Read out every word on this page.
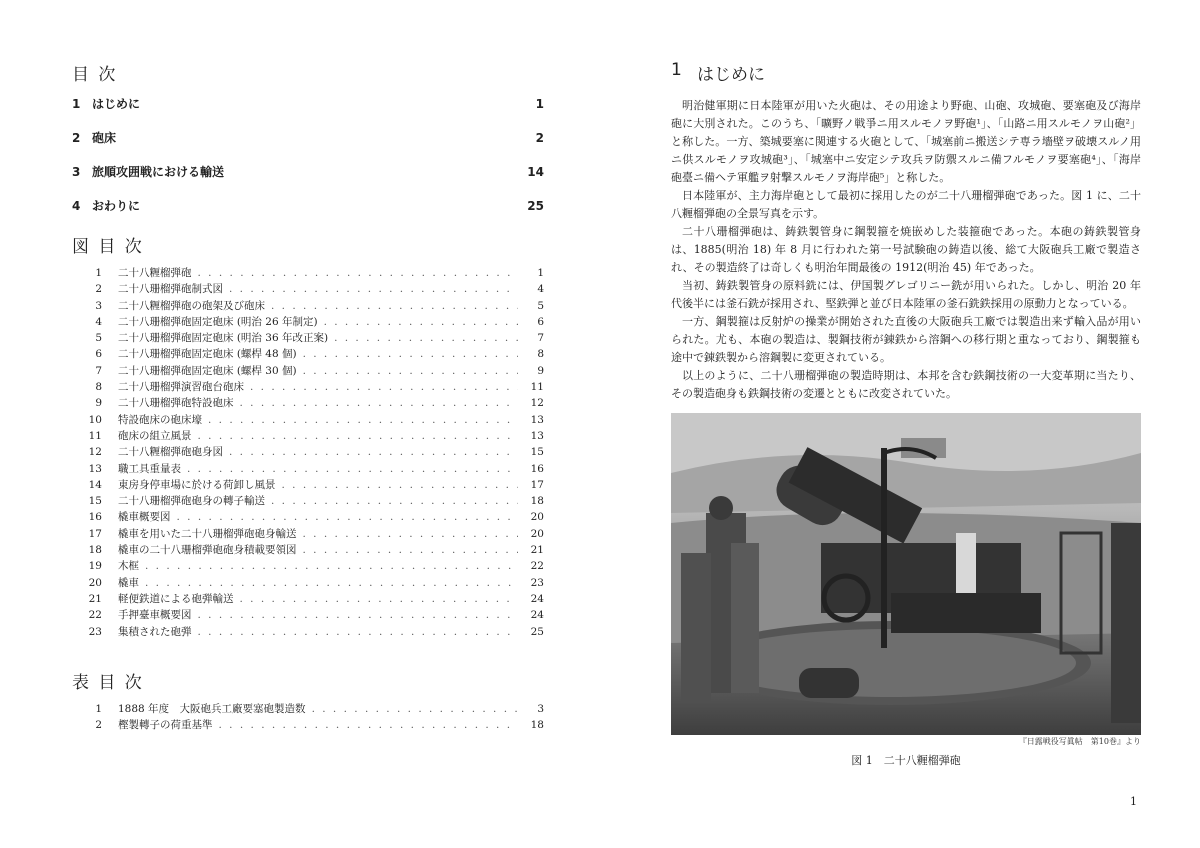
目 次
1 はじめに	1
2 砲床	2
3 旅順攻囲戦における輸送	14
4 おわりに	25
図 目 次
1	二十八糎榴弾砲 . . .	1
2	二十八珊榴弾砲制式図 . . .	4
3	二十八糎榴弾砲の砲架及び砲床 . . .	5
4	二十八珊榴弾砲固定砲床 (明治 26 年制定) . . .	6
5	二十八珊榴弾砲固定砲床 (明治 36 年改正案) . . .	7
6	二十八珊榴弾砲固定砲床 (螺桿 48 個) . . .	8
7	二十八珊榴弾砲固定砲床 (螺桿 30 個) . . .	9
8	二十八珊榴弾演習砲台砲床 . . .	11
9	二十八珊榴弾砲特設砲床 . . .	12
10	特設砲床の砲床壕 . . .	13
11	砲床の組立風景 . . .	13
12	二十八糎榴弾砲砲身図 . . .	15
13	職工具重量表 . . .	16
14	東房身停車場に於ける荷卸し風景 . . .	17
15	二十八珊榴弾砲砲身の轉子輸送 . . .	18
16	橇車概要図 . . .	20
17	橇車を用いた二十八珊榴弾砲砲身輸送 . . .	20
18	橇車の二十八珊榴弾砲砲身積載要領図 . . .	21
19	木框 . . .	22
20	橇車 . . .	23
21	軽便鉄道による砲弾輸送 . . .	24
22	手押臺車概要図 . . .	24
23	集積された砲弾 . . .	25
表 目 次
1	1888 年度　大阪砲兵工廠要塞砲製造数 . . .	3
2	樫製轉子の荷重基準 . . .	18
1 はじめに

明治健軍期に日本陸軍が用いた火砲は、その用途より野砲、山砲、攻城砲、要塞砲及び海岸砲に大別された。このうち、「曠野ノ戦爭ニ用スルモノヲ野砲¹」、「山路ニ用スルモノヲ山砲²」と称した。一方、築城要塞に関連する火砲として、「城塞前ニ搬送シテ専ラ墻壁ヲ破壊スルノ用ニ供スルモノヲ攻城砲³」、「城塞中ニ安定シテ攻兵ヲ防禦スルニ備フルモノヲ要塞砲⁴」、「海岸砲臺ニ備ヘテ軍艦ヲ射撃スルモノヲ海岸砲⁵」と称した。

日本陸軍が、主力海岸砲として最初に採用したのが二十八珊榴弾砲であった。図 1 に、二十八糎榴弾砲の全景写真を示す。

二十八珊榴弾砲は、鋳鉄製管身に鋼製箍を焼嵌めした装箍砲であった。本砲の鋳鉄製管身は、1885(明治 18) 年 8 月に行われた第一号試験砲の鋳造以後、総て大阪砲兵工廠で製造され、その製造終了は奇しくも明治年間最後の 1912(明治 45) 年であった。

当初、鋳鉄製管身の原料銑には、伊国製グレゴリニー銑が用いられた。しかし、明治 20 年代後半には釜石銑が採用され、堅鉄弾と並び日本陸軍の釜石銑鉄採用の原動力となっている。

一方、鋼製箍は反射炉の操業が開始された直後の大阪砲兵工廠では製造出来ず輸入品が用いられた。尤も、本砲の製造は、製鋼技術が錬鉄から溶鋼への移行期と重なっており、鋼製箍も途中で錬鉄製から溶鋼製に変更されている。

以上のように、二十八珊榴弾砲の製造時期は、本邦を含む鉄鋼技術の一大変革期に当たり、その製造砲身も鉄鋼技術の変遷とともに改変されていた。

『日露戦役写眞帖　第10巻』より
図 1　二十八糎榴弾砲
1
